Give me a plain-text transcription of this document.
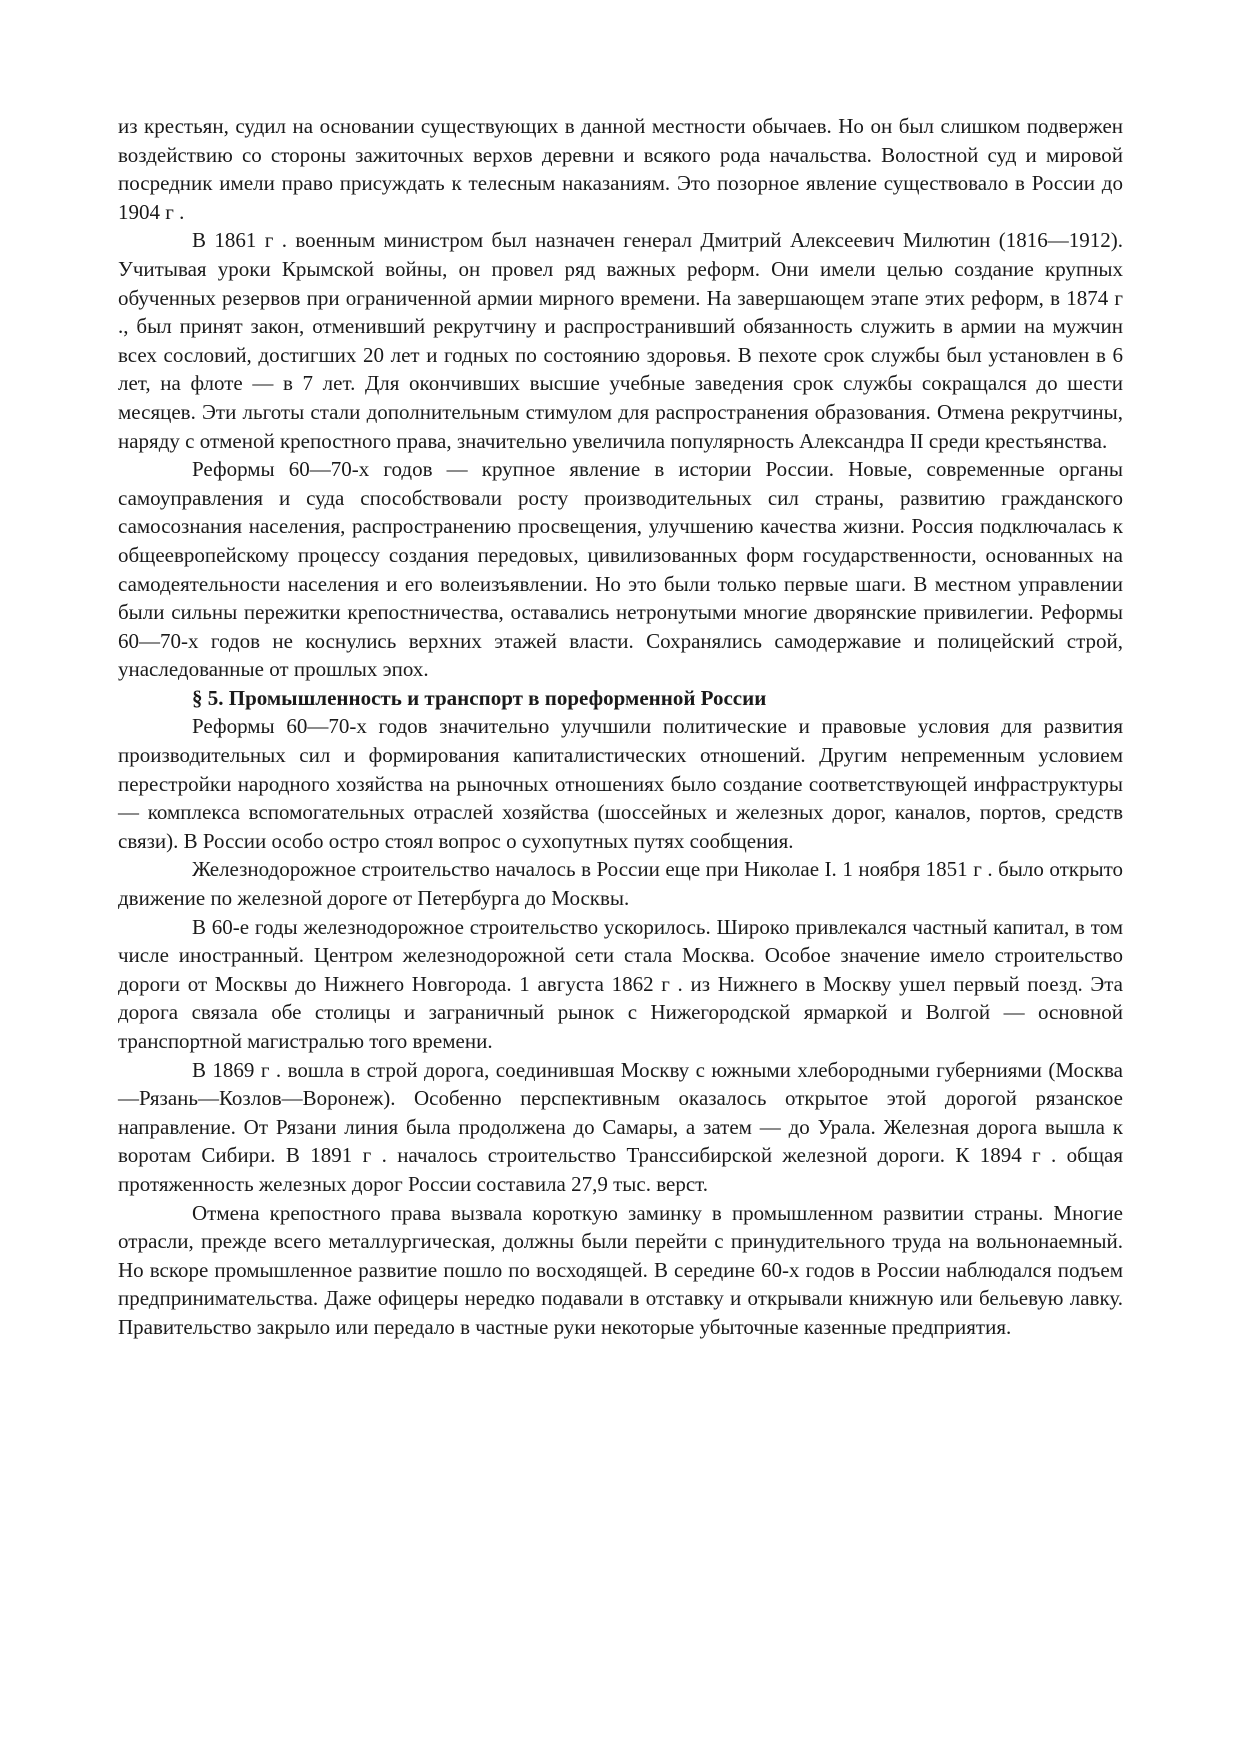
из крестьян, судил на основании существующих в данной местности обычаев. Но он был слишком подвержен воздействию со стороны зажиточных верхов деревни и всякого рода начальства. Волостной суд и мировой посредник имели право присуждать к телесным наказаниям. Это позорное явление существовало в России до 1904 г .

В 1861 г . военным министром был назначен генерал Дмитрий Алексеевич Милютин (1816—1912). Учитывая уроки Крымской войны, он провел ряд важных реформ. Они имели целью создание крупных обученных резервов при ограниченной армии мирного времени. На завершающем этапе этих реформ, в 1874 г ., был принят закон, отменивший рекрутчину и распространивший обязанность служить в армии на мужчин всех сословий, достигших 20 лет и годных по состоянию здоровья. В пехоте срок службы был установлен в 6 лет, на флоте — в 7 лет. Для окончивших высшие учебные заведения срок службы сокращался до шести месяцев. Эти льготы стали дополнительным стимулом для распространения образования. Отмена рекрутчины, наряду с отменой крепостного права, значительно увеличила популярность Александра II среди крестьянства.

Реформы 60—70-х годов — крупное явление в истории России. Новые, современные органы самоуправления и суда способствовали росту производительных сил страны, развитию гражданского самосознания населения, распространению просвещения, улучшению качества жизни. Россия подключалась к общеевропейскому процессу создания передовых, цивилизованных форм государственности, основанных на самодеятельности населения и его волеизъявлении. Но это были только первые шаги. В местном управлении были сильны пережитки крепостничества, оставались нетронутыми многие дворянские привилегии. Реформы 60—70-х годов не коснулись верхних этажей власти. Сохранялись самодержавие и полицейский строй, унаследованные от прошлых эпох.

§ 5. Промышленность и транспорт в пореформенной России

Реформы 60—70-х годов значительно улучшили политические и правовые условия для развития производительных сил и формирования капиталистических отношений. Другим непременным условием перестройки народного хозяйства на рыночных отношениях было создание соответствующей инфраструктуры — комплекса вспомогательных отраслей хозяйства (шоссейных и железных дорог, каналов, портов, средств связи). В России особо остро стоял вопрос о сухопутных путях сообщения.

Железнодорожное строительство началось в России еще при Николае I. 1 ноября 1851 г . было открыто движение по железной дороге от Петербурга до Москвы.

В 60-е годы железнодорожное строительство ускорилось. Широко привлекался частный капитал, в том числе иностранный. Центром железнодорожной сети стала Москва. Особое значение имело строительство дороги от Москвы до Нижнего Новгорода. 1 августа 1862 г . из Нижнего в Москву ушел первый поезд. Эта дорога связала обе столицы и заграничный рынок с Нижегородской ярмаркой и Волгой — основной транспортной магистралью того времени.

В 1869 г . вошла в строй дорога, соединившая Москву с южными хлебородными губерниями (Москва—Рязань—Козлов—Воронеж). Особенно перспективным оказалось открытое этой дорогой рязанское направление. От Рязани линия была продолжена до Самары, а затем — до Урала. Железная дорога вышла к воротам Сибири. В 1891 г . началось строительство Транссибирской железной дороги. К 1894 г . общая протяженность железных дорог России составила 27,9 тыс. верст.

Отмена крепостного права вызвала короткую заминку в промышленном развитии страны. Многие отрасли, прежде всего металлургическая, должны были перейти с принудительного труда на вольнонаемный. Но вскоре промышленное развитие пошло по восходящей. В середине 60-х годов в России наблюдался подъем предпринимательства. Даже офицеры нередко подавали в отставку и открывали книжную или бельевую лавку. Правительство закрыло или передало в частные руки некоторые убыточные казенные предприятия.
